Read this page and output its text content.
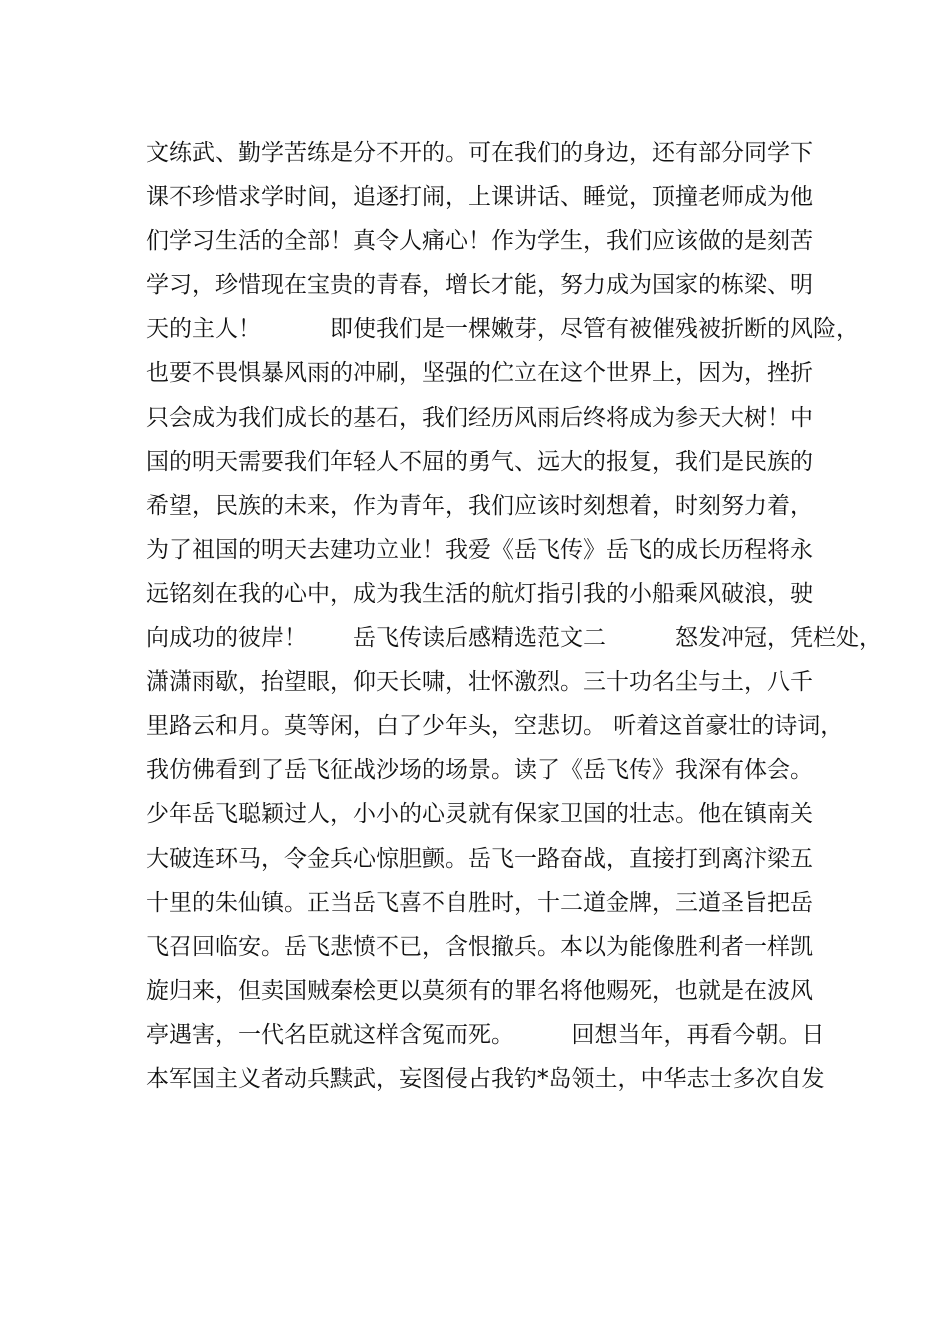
文练武、勤学苦练是分不开的。可在我们的身边，还有部分同学下
课不珍惜求学时间，追逐打闹，上课讲话、睡觉，顶撞老师成为他
们学习生活的全部！真令人痛心！作为学生，我们应该做的是刻苦
学习，珍惜现在宝贵的青春，增长才能，努力成为国家的栋梁、明
天的主人！　　　即使我们是一棵嫩芽，尽管有被催残被折断的风险，
也要不畏惧暴风雨的冲刷，坚强的伫立在这个世界上，因为，挫折
只会成为我们成长的基石，我们经历风雨后终将成为参天大树！中
国的明天需要我们年轻人不屈的勇气、远大的报复，我们是民族的
希望，民族的未来，作为青年，我们应该时刻想着，时刻努力着，
为了祖国的明天去建功立业！我爱《岳飞传》岳飞的成长历程将永
远铭刻在我的心中，成为我生活的航灯指引我的小船乘风破浪，驶
向成功的彼岸！　　岳飞传读后感精选范文二　　　怒发冲冠，凭栏处，
潇潇雨歇，抬望眼，仰天长啸，壮怀激烈。三十功名尘与土，八千
里路云和月。莫等闲，白了少年头，空悲切。 听着这首豪壮的诗词，
我仿佛看到了岳飞征战沙场的场景。读了《岳飞传》我深有体会。
少年岳飞聪颖过人，小小的心灵就有保家卫国的壮志。他在镇南关
大破连环马，令金兵心惊胆颤。岳飞一路奋战，直接打到离汴梁五
十里的朱仙镇。正当岳飞喜不自胜时，十二道金牌，三道圣旨把岳
飞召回临安。岳飞悲愤不已，含恨撤兵。本以为能像胜利者一样凯
旋归来，但卖国贼秦桧更以莫须有的罪名将他赐死，也就是在波风
亭遇害，一代名臣就这样含冤而死。　　　回想当年，再看今朝。日
本军国主义者动兵黩武，妄图侵占我钓*岛领土，中华志士多次自发
